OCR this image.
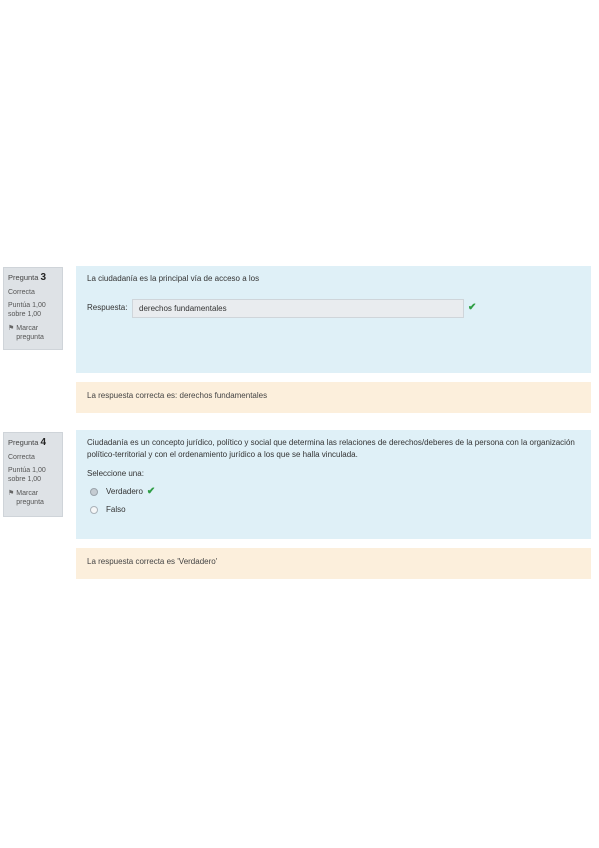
Pregunta 3
Correcta
Puntúa 1,00
sobre 1,00
⚑ Marcar
pregunta
La ciudadanía es la principal vía de acceso a los
Respuesta:	derechos fundamentales	✔
La respuesta correcta es: derechos fundamentales
Pregunta 4
Correcta
Puntúa 1,00
sobre 1,00
⚑ Marcar
pregunta
Ciudadanía es un concepto jurídico, político y social que determina las relaciones de derechos/deberes de la persona con la organización político-territorial y con el ordenamiento jurídico a los que se halla vinculada.
Seleccione una:
Verdadero ✔
Falso
La respuesta correcta es 'Verdadero'
